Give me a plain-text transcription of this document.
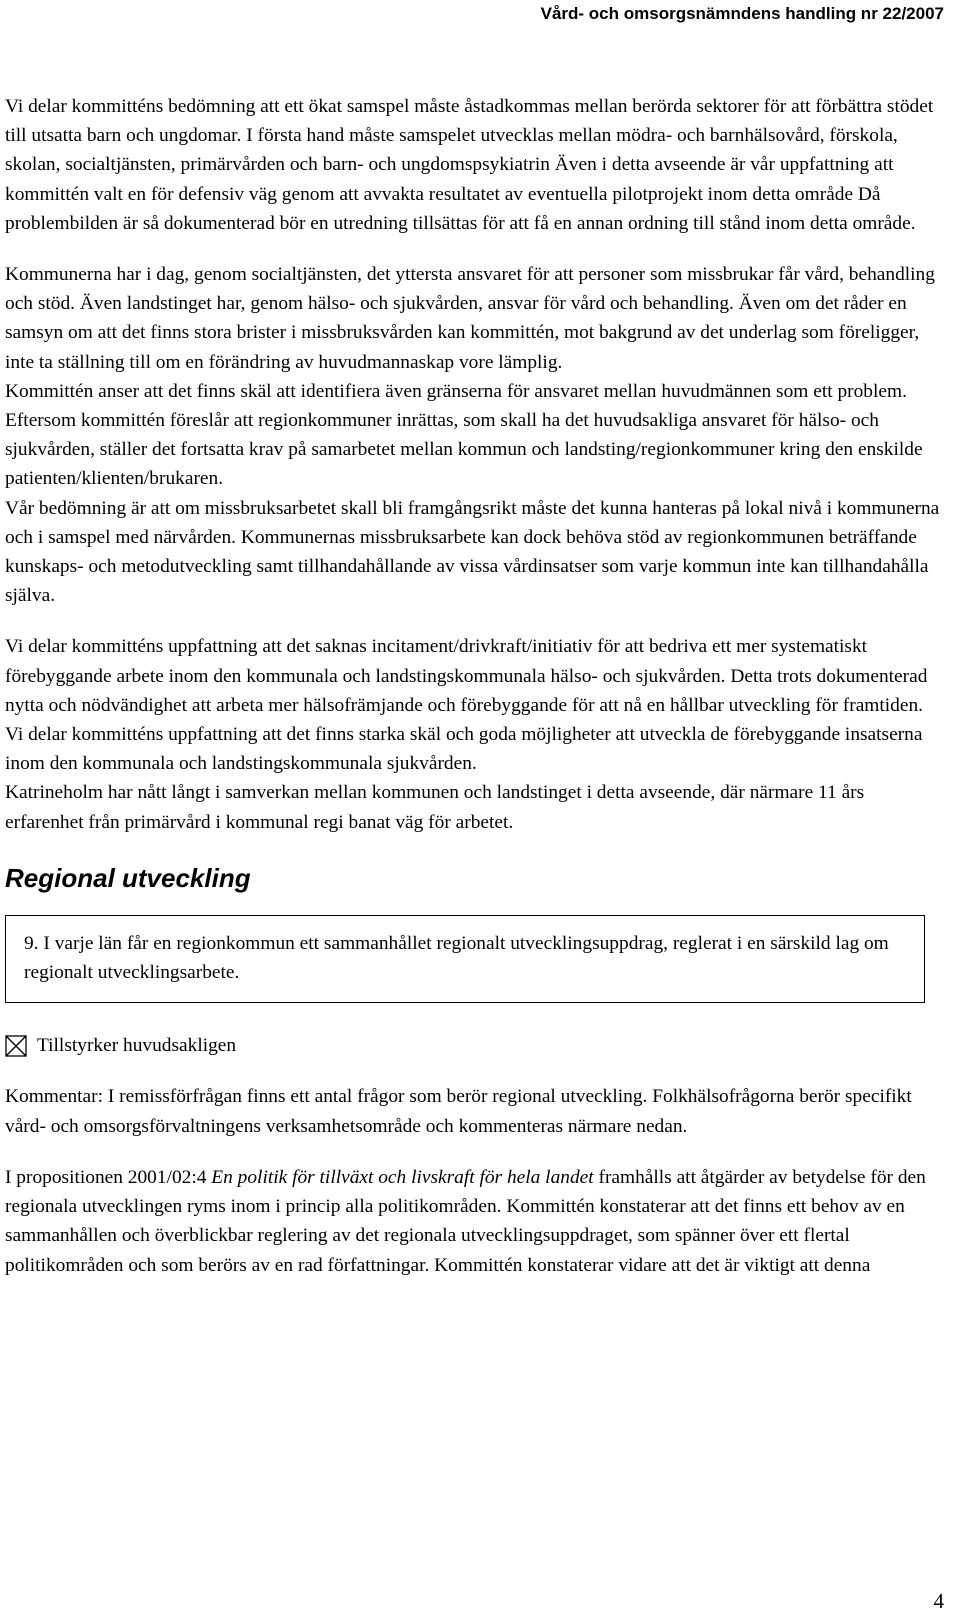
Vård- och omsorgsnämndens handling nr 22/2007

Vi delar kommitténs bedömning att ett ökat samspel måste åstadkommas mellan berörda sektorer för att förbättra stödet till utsatta barn och ungdomar. I första hand måste samspelet utvecklas mellan mödra- och barnhälsovård, förskola, skolan, socialtjänsten, primärvården och barn- och ungdomspsykiatrin Även i detta avseende är vår uppfattning att kommittén valt en för defensiv väg genom att avvakta resultatet av eventuella pilotprojekt inom detta område Då problembilden är så dokumenterad bör en utredning tillsättas för att få en annan ordning till stånd inom detta område.

Kommunerna har i dag, genom socialtjänsten, det yttersta ansvaret för att personer som missbrukar får vård, behandling och stöd. Även landstinget har, genom hälso- och sjukvården, ansvar för vård och behandling. Även om det råder en samsyn om att det finns stora brister i missbruksvården kan kommittén, mot bakgrund av det underlag som föreligger, inte ta ställning till om en förändring av huvudmannaskap vore lämplig.

Kommittén anser att det finns skäl att identifiera även gränserna för ansvaret mellan huvudmännen som ett problem. Eftersom kommittén föreslår att regionkommuner inrättas, som skall ha det huvudsakliga ansvaret för hälso- och sjukvården, ställer det fortsatta krav på samarbetet mellan kommun och landsting/regionkommuner kring den enskilde patienten/klienten/brukaren.

Vår bedömning är att om missbruksarbetet skall bli framgångsrikt måste det kunna hanteras på lokal nivå i kommunerna och i samspel med närvården. Kommunernas missbruksarbete kan dock behöva stöd av regionkommunen beträffande kunskaps- och metodutveckling samt tillhandahållande av vissa vårdinsatser som varje kommun inte kan tillhandahålla själva.

Vi delar kommitténs uppfattning att det saknas incitament/drivkraft/initiativ för att bedriva ett mer systematiskt förebyggande arbete inom den kommunala och landstingskommunala hälso- och sjukvården. Detta trots dokumenterad nytta och nödvändighet att arbeta mer hälsofrämjande och förebyggande för att nå en hållbar utveckling för framtiden.

Vi delar kommitténs uppfattning att det finns starka skäl och goda möjligheter att utveckla de förebyggande insatserna inom den kommunala och landstingskommunala sjukvården.

Katrineholm har nått långt i samverkan mellan kommunen och landstinget i detta avseende, där närmare 11 års erfarenhet från primärvård i kommunal regi banat väg för arbetet.

Regional utveckling
9. I varje län får en regionkommun ett sammanhållet regionalt utvecklingsuppdrag, reglerat i en särskild lag om regionalt utvecklingsarbete.
Tillstyrker huvudsakligen

Kommentar: I remissförfrågan finns ett antal frågor som berör regional utveckling. Folkhälsofrågorna berör specifikt vård- och omsorgsförvaltningens verksamhetsområde och kommenteras närmare nedan.

I propositionen 2001/02:4 En politik för tillväxt och livskraft för hela landet framhålls att åtgärder av betydelse för den regionala utvecklingen ryms inom i princip alla politikområden. Kommittén konstaterar att det finns ett behov av en sammanhållen och överblickbar reglering av det regionala utvecklingsuppdraget, som spänner över ett flertal politikområden och som berörs av en rad författningar. Kommittén konstaterar vidare att det är viktigt att denna

4
